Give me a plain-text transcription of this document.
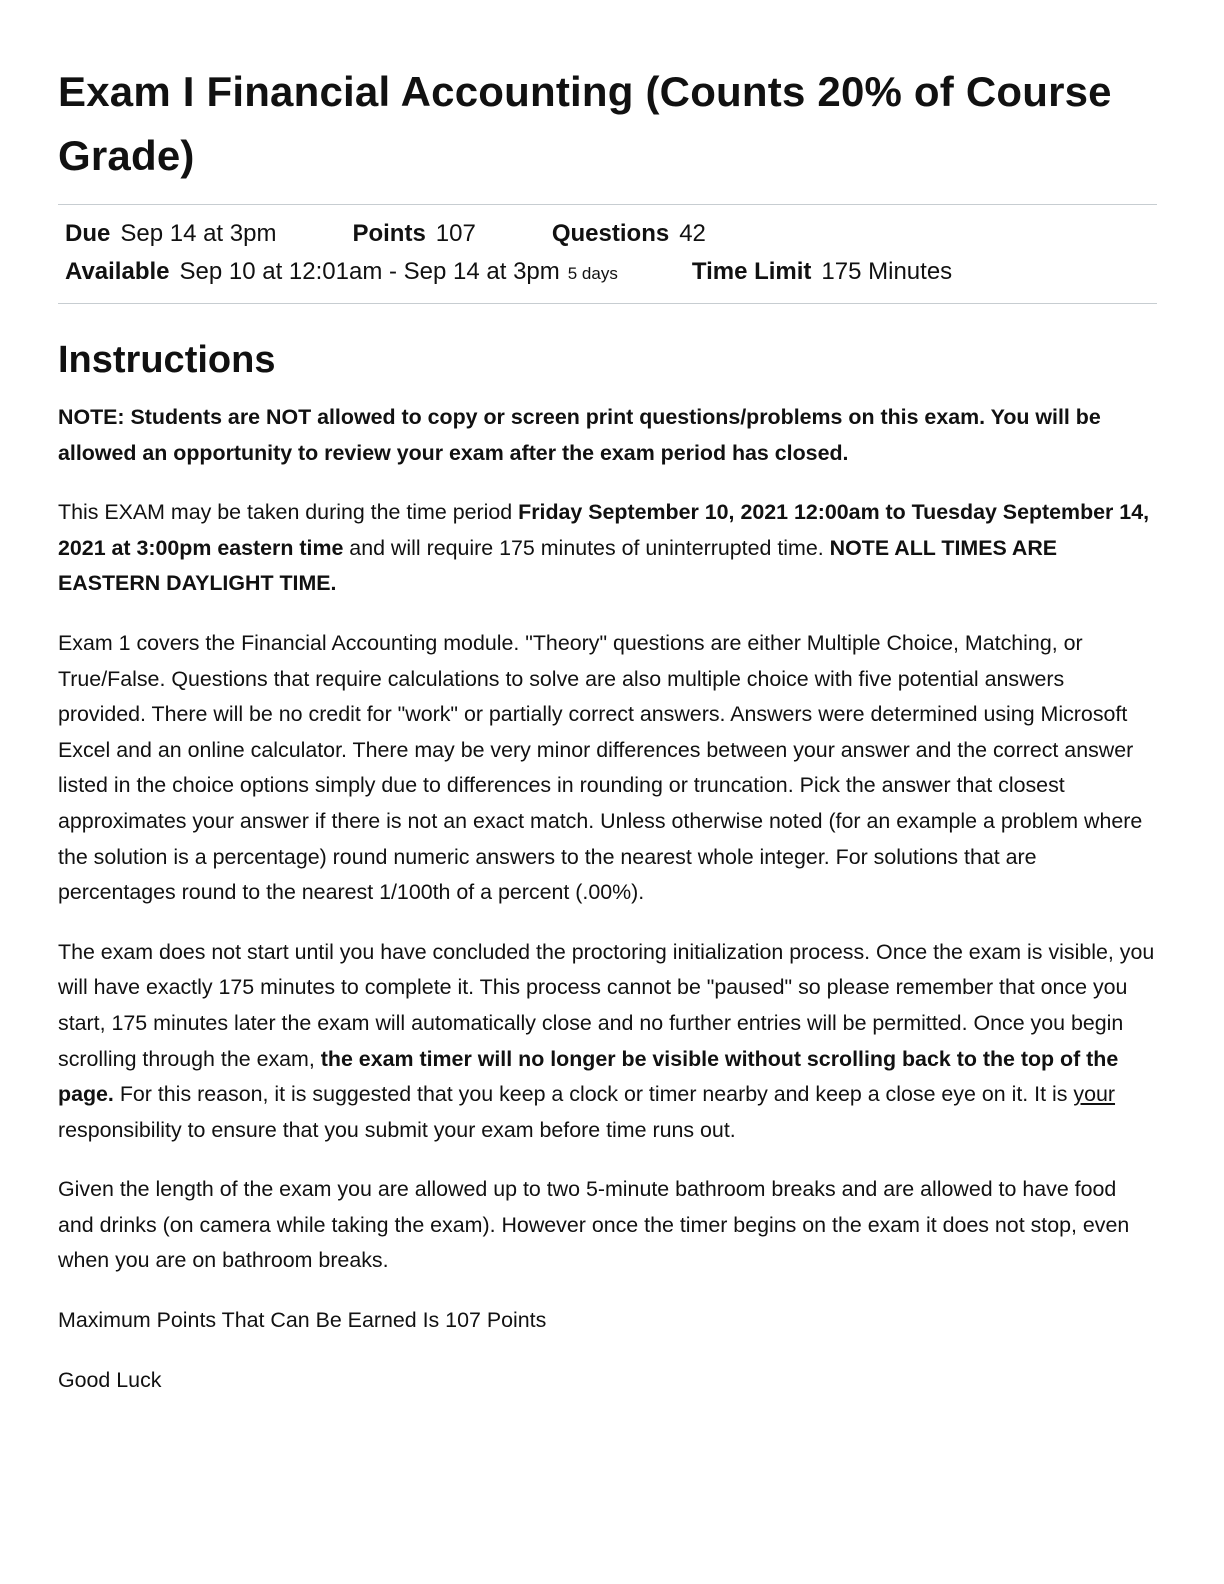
Exam I Financial Accounting (Counts 20% of Course Grade)
Due Sep 14 at 3pm	Points 107	Questions 42
Available Sep 10 at 12:01am - Sep 14 at 3pm 5 days	Time Limit 175 Minutes
Instructions

NOTE: Students are NOT allowed to copy or screen print questions/problems on this exam. You will be allowed an opportunity to review your exam after the exam period has closed.

This EXAM may be taken during the time period Friday September 10, 2021 12:00am to Tuesday September 14, 2021 at 3:00pm eastern time and will require 175 minutes of uninterrupted time. NOTE ALL TIMES ARE EASTERN DAYLIGHT TIME.

Exam 1 covers the Financial Accounting module. "Theory" questions are either Multiple Choice, Matching, or True/False. Questions that require calculations to solve are also multiple choice with five potential answers provided. There will be no credit for "work" or partially correct answers. Answers were determined using Microsoft Excel and an online calculator. There may be very minor differences between your answer and the correct answer listed in the choice options simply due to differences in rounding or truncation. Pick the answer that closest approximates your answer if there is not an exact match. Unless otherwise noted (for an example a problem where the solution is a percentage) round numeric answers to the nearest whole integer. For solutions that are percentages round to the nearest 1/100th of a percent (.00%).

The exam does not start until you have concluded the proctoring initialization process. Once the exam is visible, you will have exactly 175 minutes to complete it. This process cannot be "paused" so please remember that once you start, 175 minutes later the exam will automatically close and no further entries will be permitted. Once you begin scrolling through the exam, the exam timer will no longer be visible without scrolling back to the top of the page. For this reason, it is suggested that you keep a clock or timer nearby and keep a close eye on it. It is your responsibility to ensure that you submit your exam before time runs out.

Given the length of the exam you are allowed up to two 5-minute bathroom breaks and are allowed to have food and drinks (on camera while taking the exam). However once the timer begins on the exam it does not stop, even when you are on bathroom breaks.

Maximum Points That Can Be Earned Is 107 Points

Good Luck
